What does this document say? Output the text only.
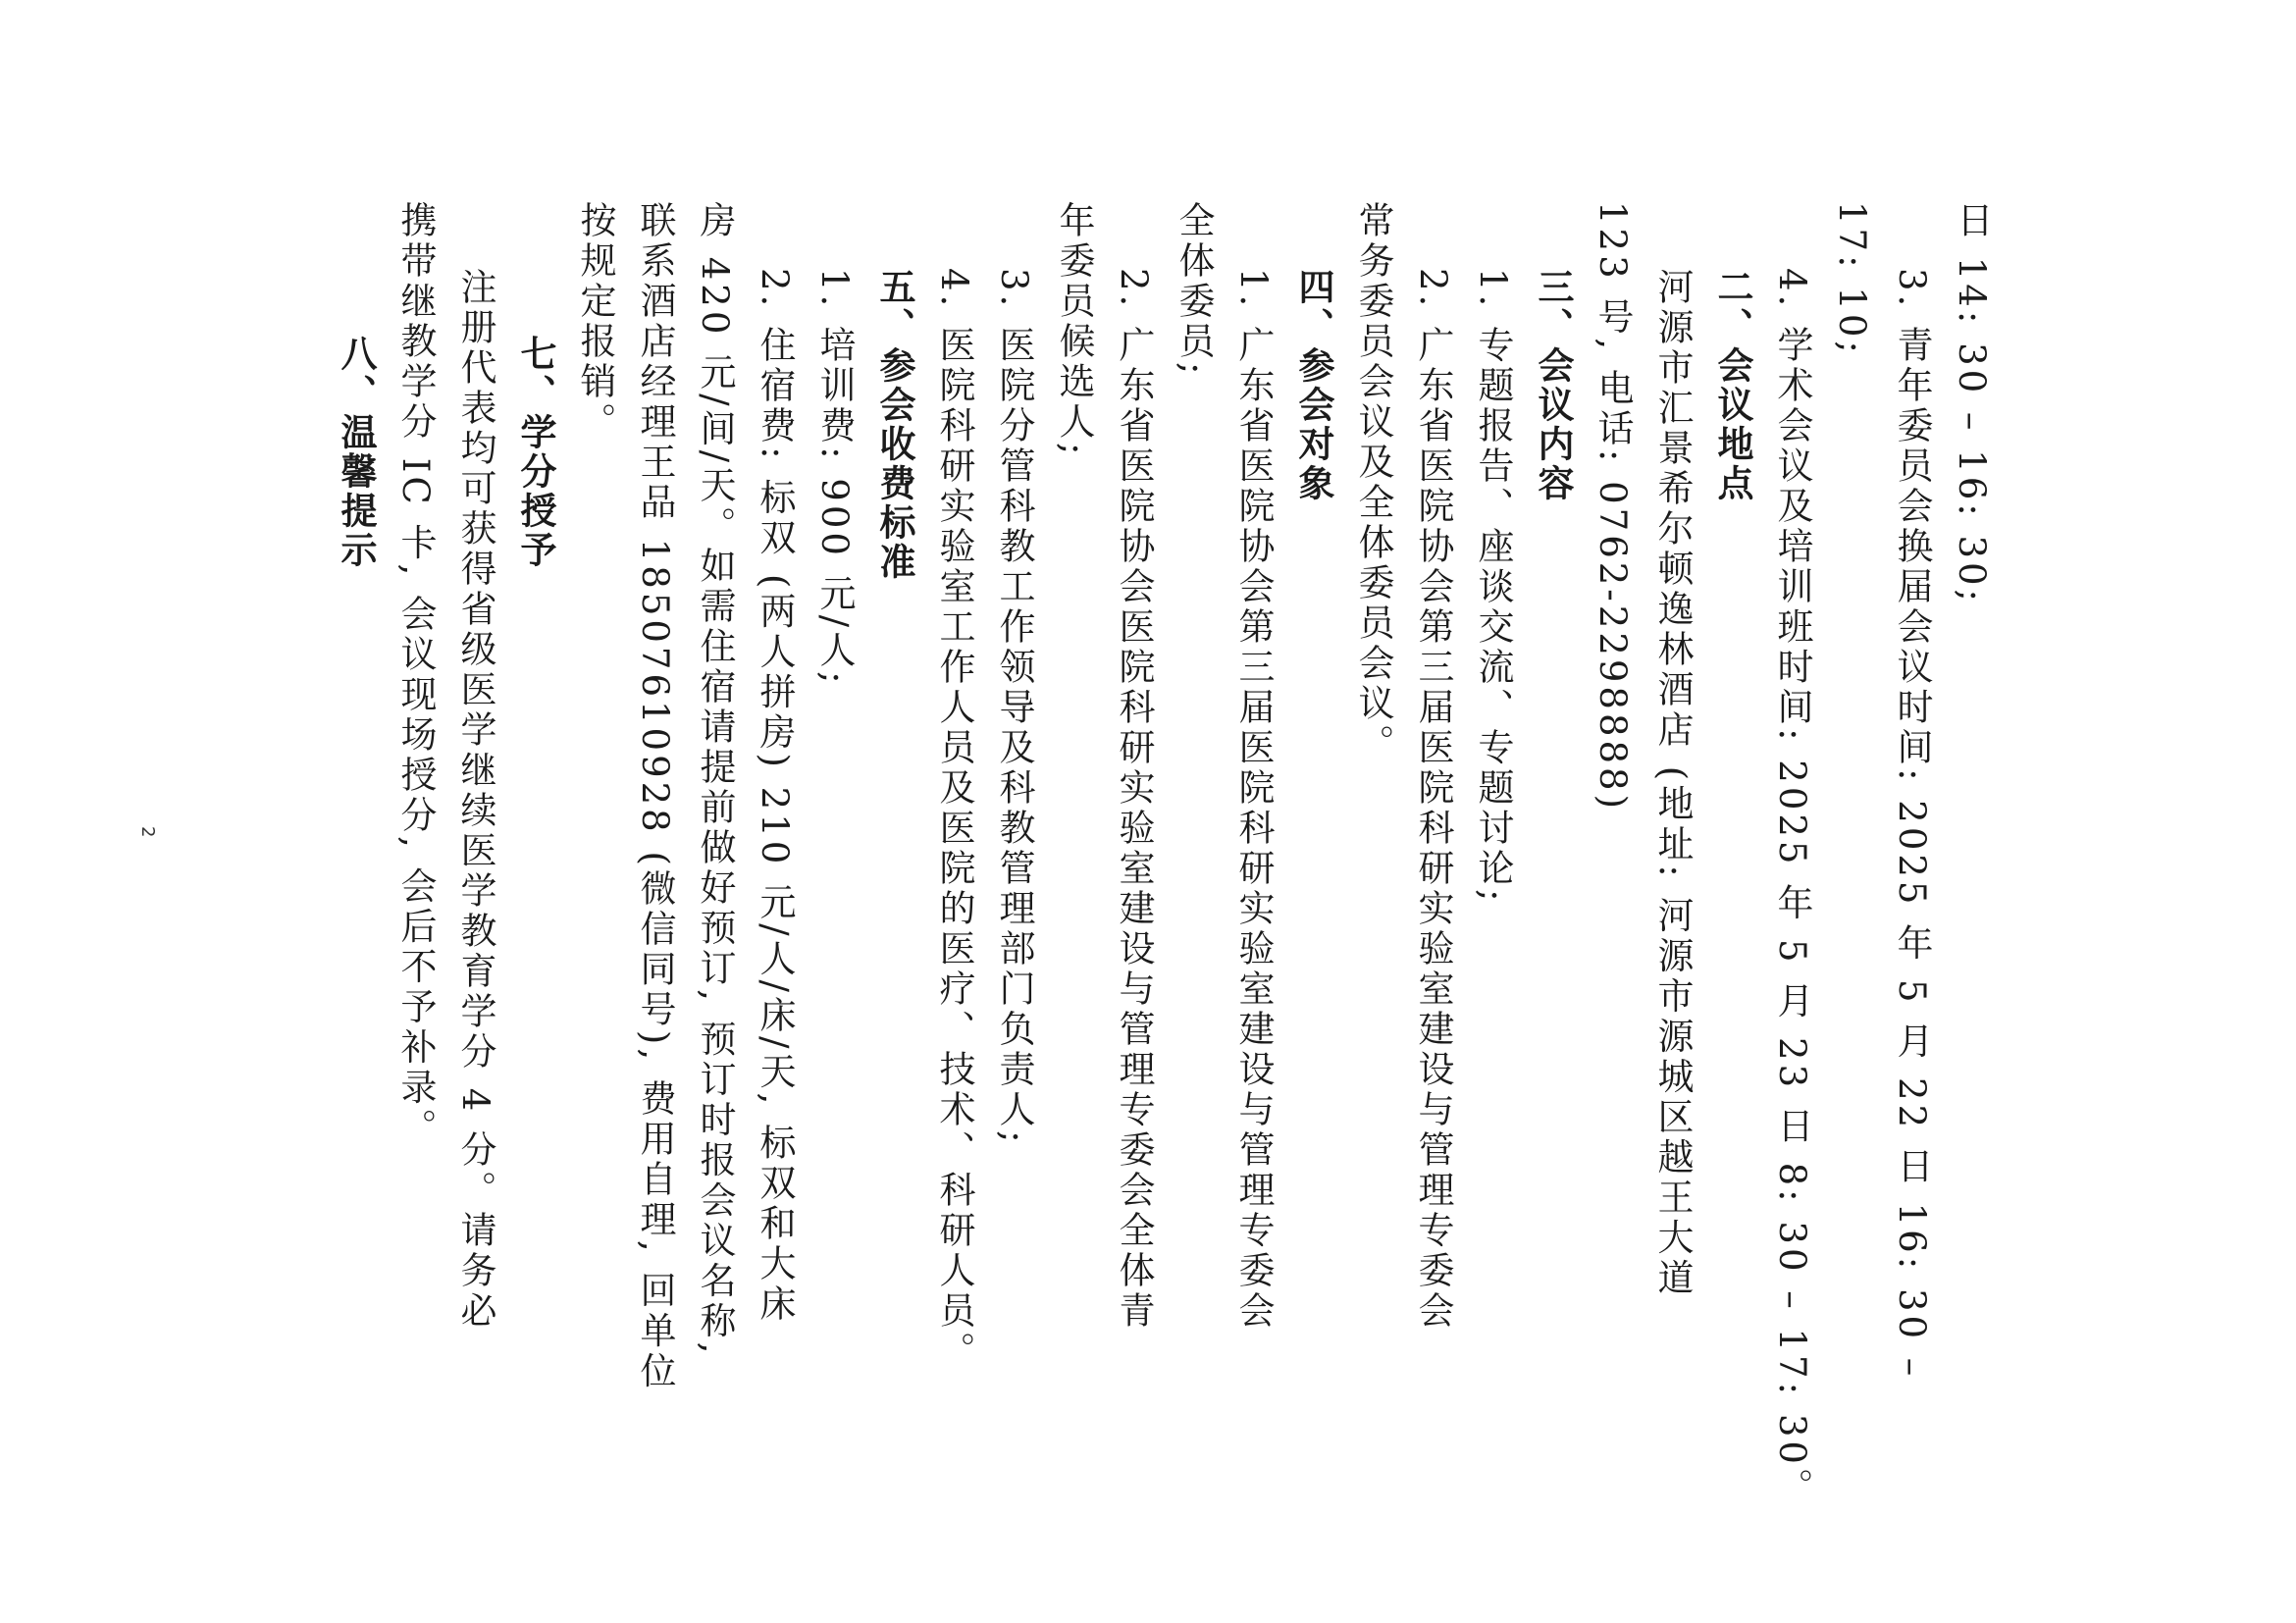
日 14: 30 – 16: 30;
3. 青年委员会换届会议时间: 2025 年 5 月 22 日 16: 30 –
17: 10;
4. 学术会议及培训班时间: 2025 年 5 月 23 日 8: 30 – 17: 30。
二、会议地点
河源市汇景希尔顿逸林酒店 (地址: 河源市源城区越王大道
123 号, 电话: 0762-2298888)
三、会议内容
1. 专题报告、座谈交流、专题讨论;
2. 广东省医院协会第三届医院科研实验室建设与管理专委会
常务委员会议及全体委员会议。
四、参会对象
1. 广东省医院协会第三届医院科研实验室建设与管理专委会
全体委员;
2. 广东省医院协会医院科研实验室建设与管理专委会全体青
年委员候选人;
3. 医院分管科教工作领导及科教管理部门负责人;
4. 医院科研实验室工作人员及医院的医疗、技术、科研人员。
五、参会收费标准
1. 培训费: 900 元/人;
2. 住宿费: 标双 (两人拼房) 210 元/人/床/天, 标双和大床
房 420 元/间/天。如需住宿请提前做好预订, 预订时报会议名称,
联系酒店经理王品 18507610928 (微信同号), 费用自理, 回单位
按规定报销。
七、学分授予
注册代表均可获得省级医学继续医学教育学分 4 分。请务必
携带继教学分 IC 卡, 会议现场授分, 会后不予补录。
八、温馨提示
2
